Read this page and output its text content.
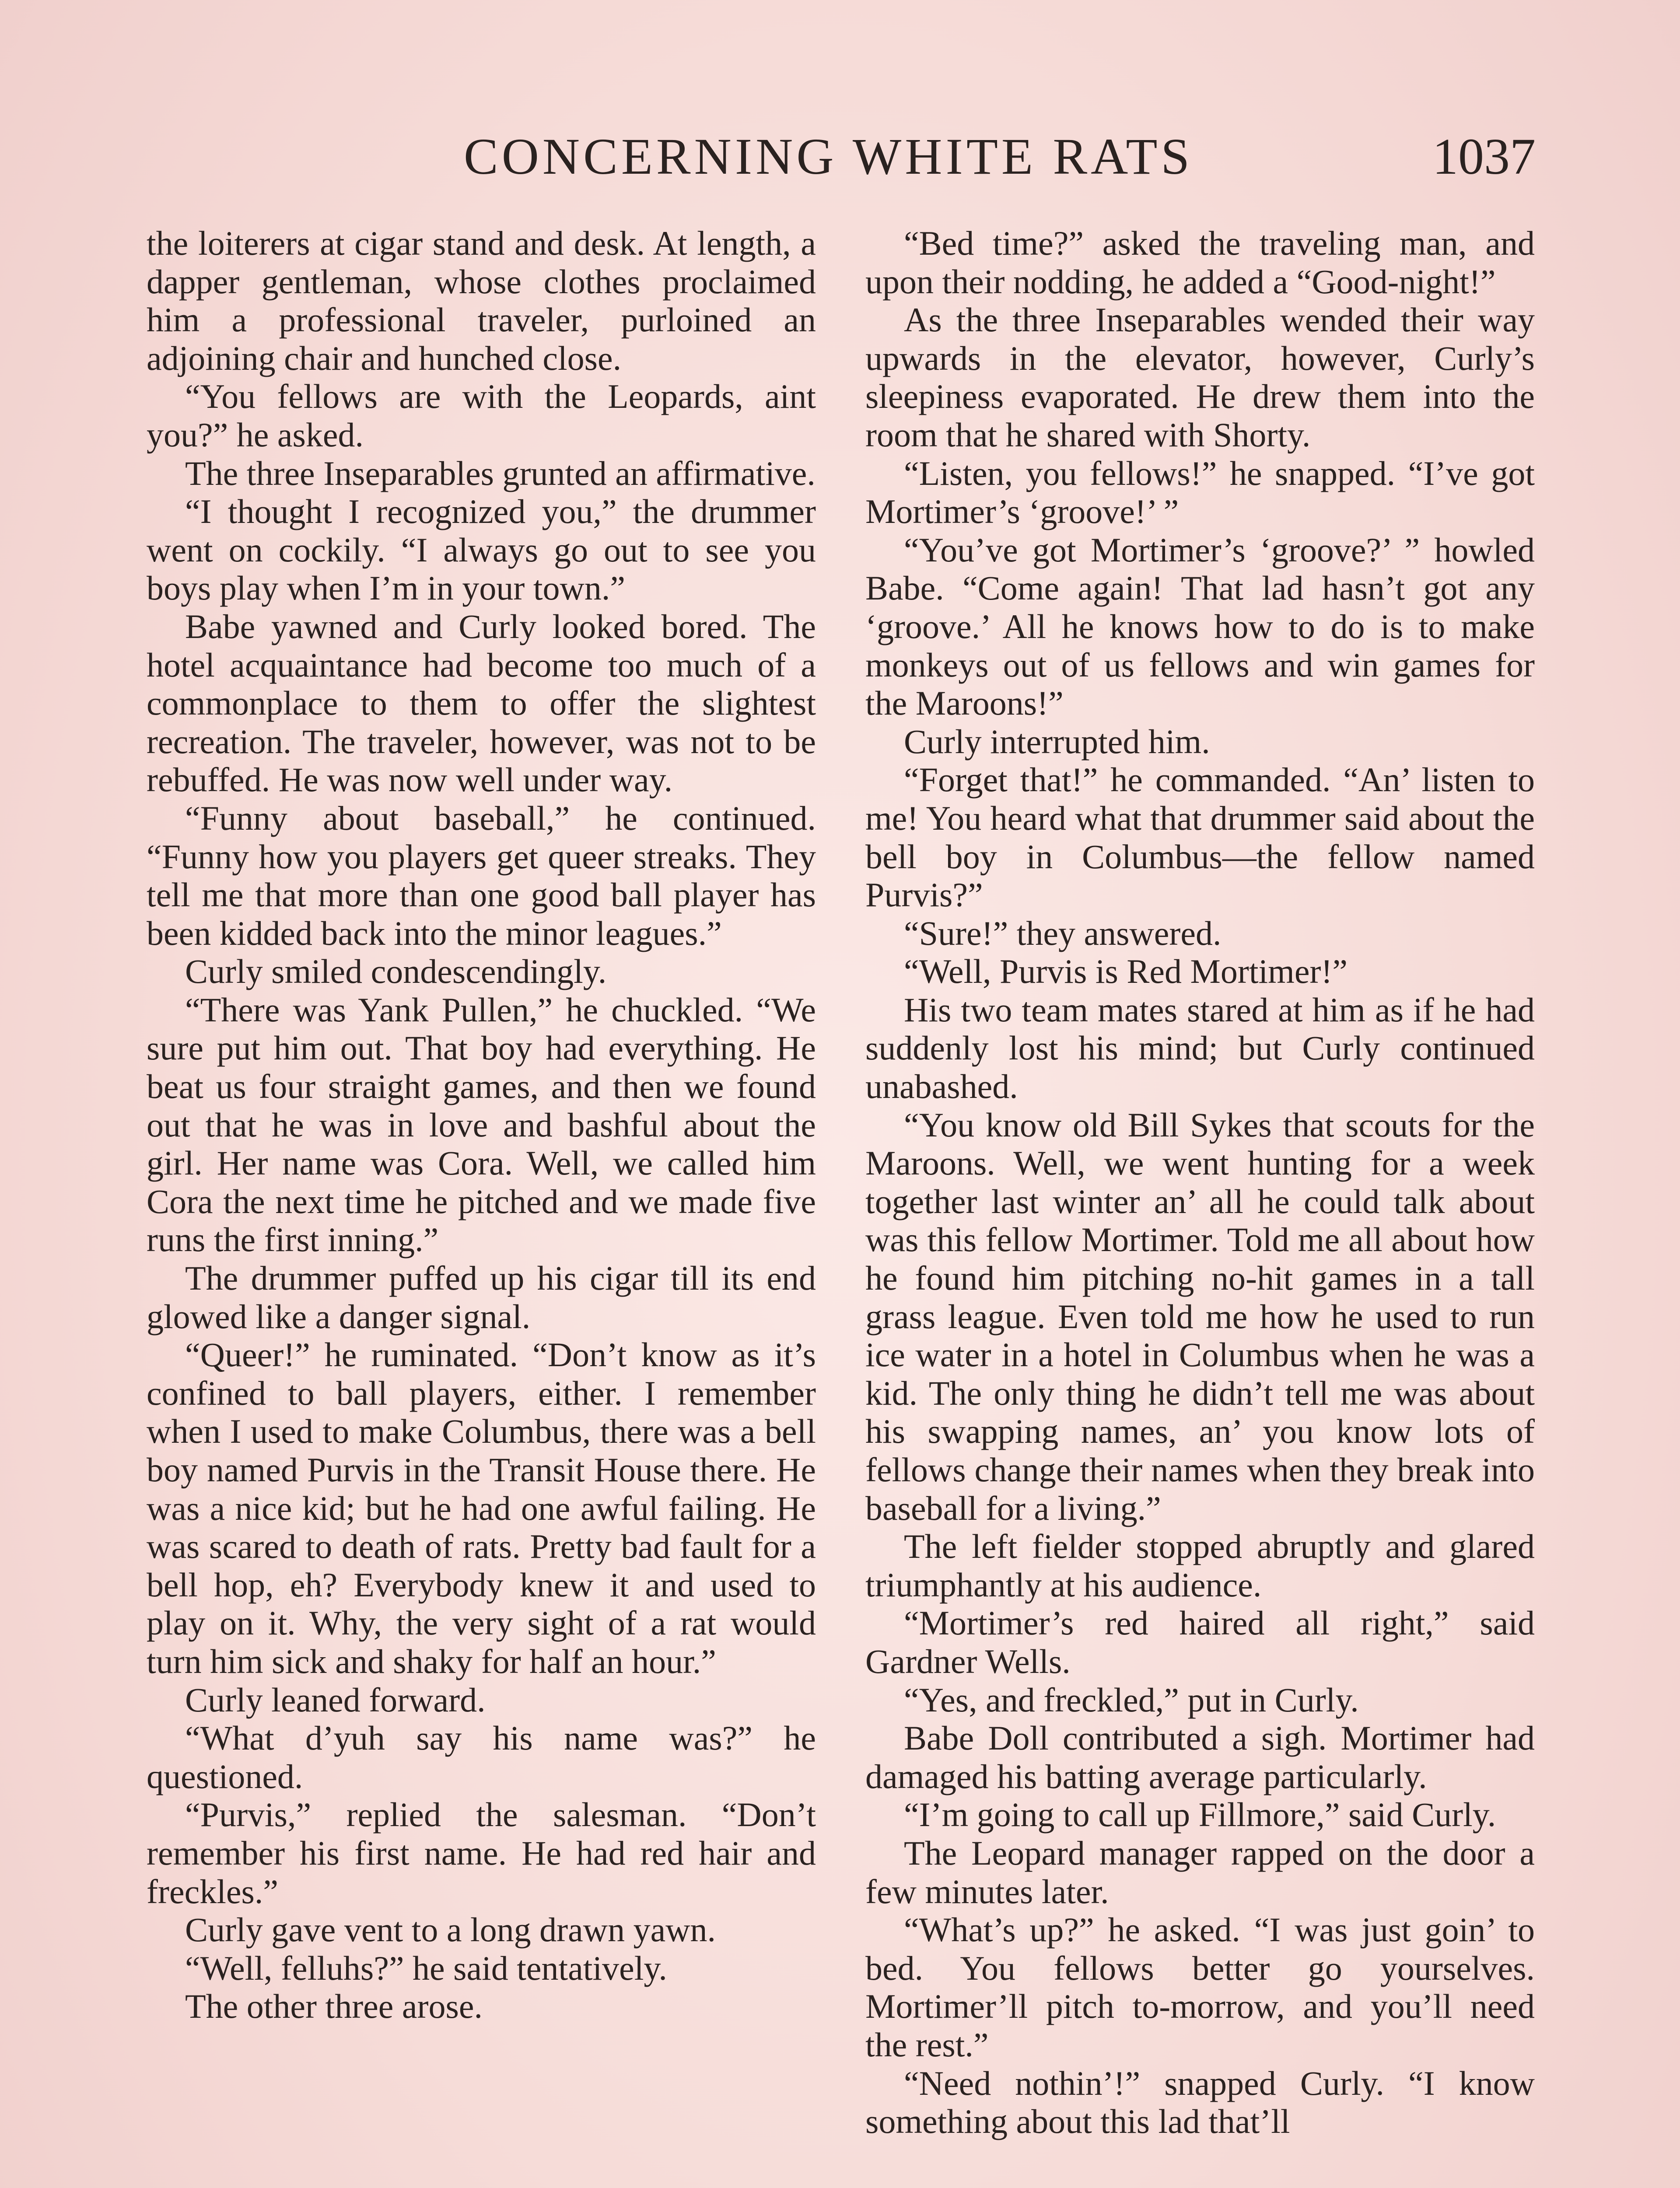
CONCERNING WHITE RATS	1037

the loiterers at cigar stand and desk. At length, a dapper gentleman, whose clothes proclaimed him a professional traveler, purloined an adjoining chair and hunched close.

“You fellows are with the Leopards, aint you?” he asked.

The three Inseparables grunted an affirmative.

“I thought I recognized you,” the drummer went on cockily. “I always go out to see you boys play when I’m in your town.”

Babe yawned and Curly looked bored. The hotel acquaintance had become too much of a commonplace to them to offer the slightest recreation. The traveler, however, was not to be rebuffed. He was now well under way.

“Funny about baseball,” he continued. “Funny how you players get queer streaks. They tell me that more than one good ball player has been kidded back into the minor leagues.”

Curly smiled condescendingly.

“There was Yank Pullen,” he chuckled. “We sure put him out. That boy had everything. He beat us four straight games, and then we found out that he was in love and bashful about the girl. Her name was Cora. Well, we called him Cora the next time he pitched and we made five runs the first inning.”

The drummer puffed up his cigar till its end glowed like a danger signal.

“Queer!” he ruminated. “Don’t know as it’s confined to ball players, either. I remember when I used to make Columbus, there was a bell boy named Purvis in the Transit House there. He was a nice kid; but he had one awful failing. He was scared to death of rats. Pretty bad fault for a bell hop, eh? Everybody knew it and used to play on it. Why, the very sight of a rat would turn him sick and shaky for half an hour.”

Curly leaned forward.

“What d’yuh say his name was?” he questioned.

“Purvis,” replied the salesman. “Don’t remember his first name. He had red hair and freckles.”

Curly gave vent to a long drawn yawn.

“Well, felluhs?” he said tentatively.

The other three arose.

“Bed time?” asked the traveling man, and upon their nodding, he added a “Good-night!”

As the three Inseparables wended their way upwards in the elevator, however, Curly’s sleepiness evaporated. He drew them into the room that he shared with Shorty.

“Listen, you fellows!” he snapped. “I’ve got Mortimer’s ‘groove!’ ”

“You’ve got Mortimer’s ‘groove?’ ” howled Babe. “Come again! That lad hasn’t got any ‘groove.’ All he knows how to do is to make monkeys out of us fellows and win games for the Maroons!”

Curly interrupted him.

“Forget that!” he commanded. “An’ listen to me! You heard what that drummer said about the bell boy in Columbus—the fellow named Purvis?”

“Sure!” they answered.

“Well, Purvis is Red Mortimer!”

His two team mates stared at him as if he had suddenly lost his mind; but Curly continued unabashed.

“You know old Bill Sykes that scouts for the Maroons. Well, we went hunting for a week together last winter an’ all he could talk about was this fellow Mortimer. Told me all about how he found him pitching no-hit games in a tall grass league. Even told me how he used to run ice water in a hotel in Columbus when he was a kid. The only thing he didn’t tell me was about his swapping names, an’ you know lots of fellows change their names when they break into baseball for a living.”

The left fielder stopped abruptly and glared triumphantly at his audience.

“Mortimer’s red haired all right,” said Gardner Wells.

“Yes, and freckled,” put in Curly.

Babe Doll contributed a sigh. Mortimer had damaged his batting average particularly.

“I’m going to call up Fillmore,” said Curly.

The Leopard manager rapped on the door a few minutes later.

“What’s up?” he asked. “I was just goin’ to bed. You fellows better go yourselves. Mortimer’ll pitch to-morrow, and you’ll need the rest.”

“Need nothin’!” snapped Curly. “I know something about this lad that’ll
